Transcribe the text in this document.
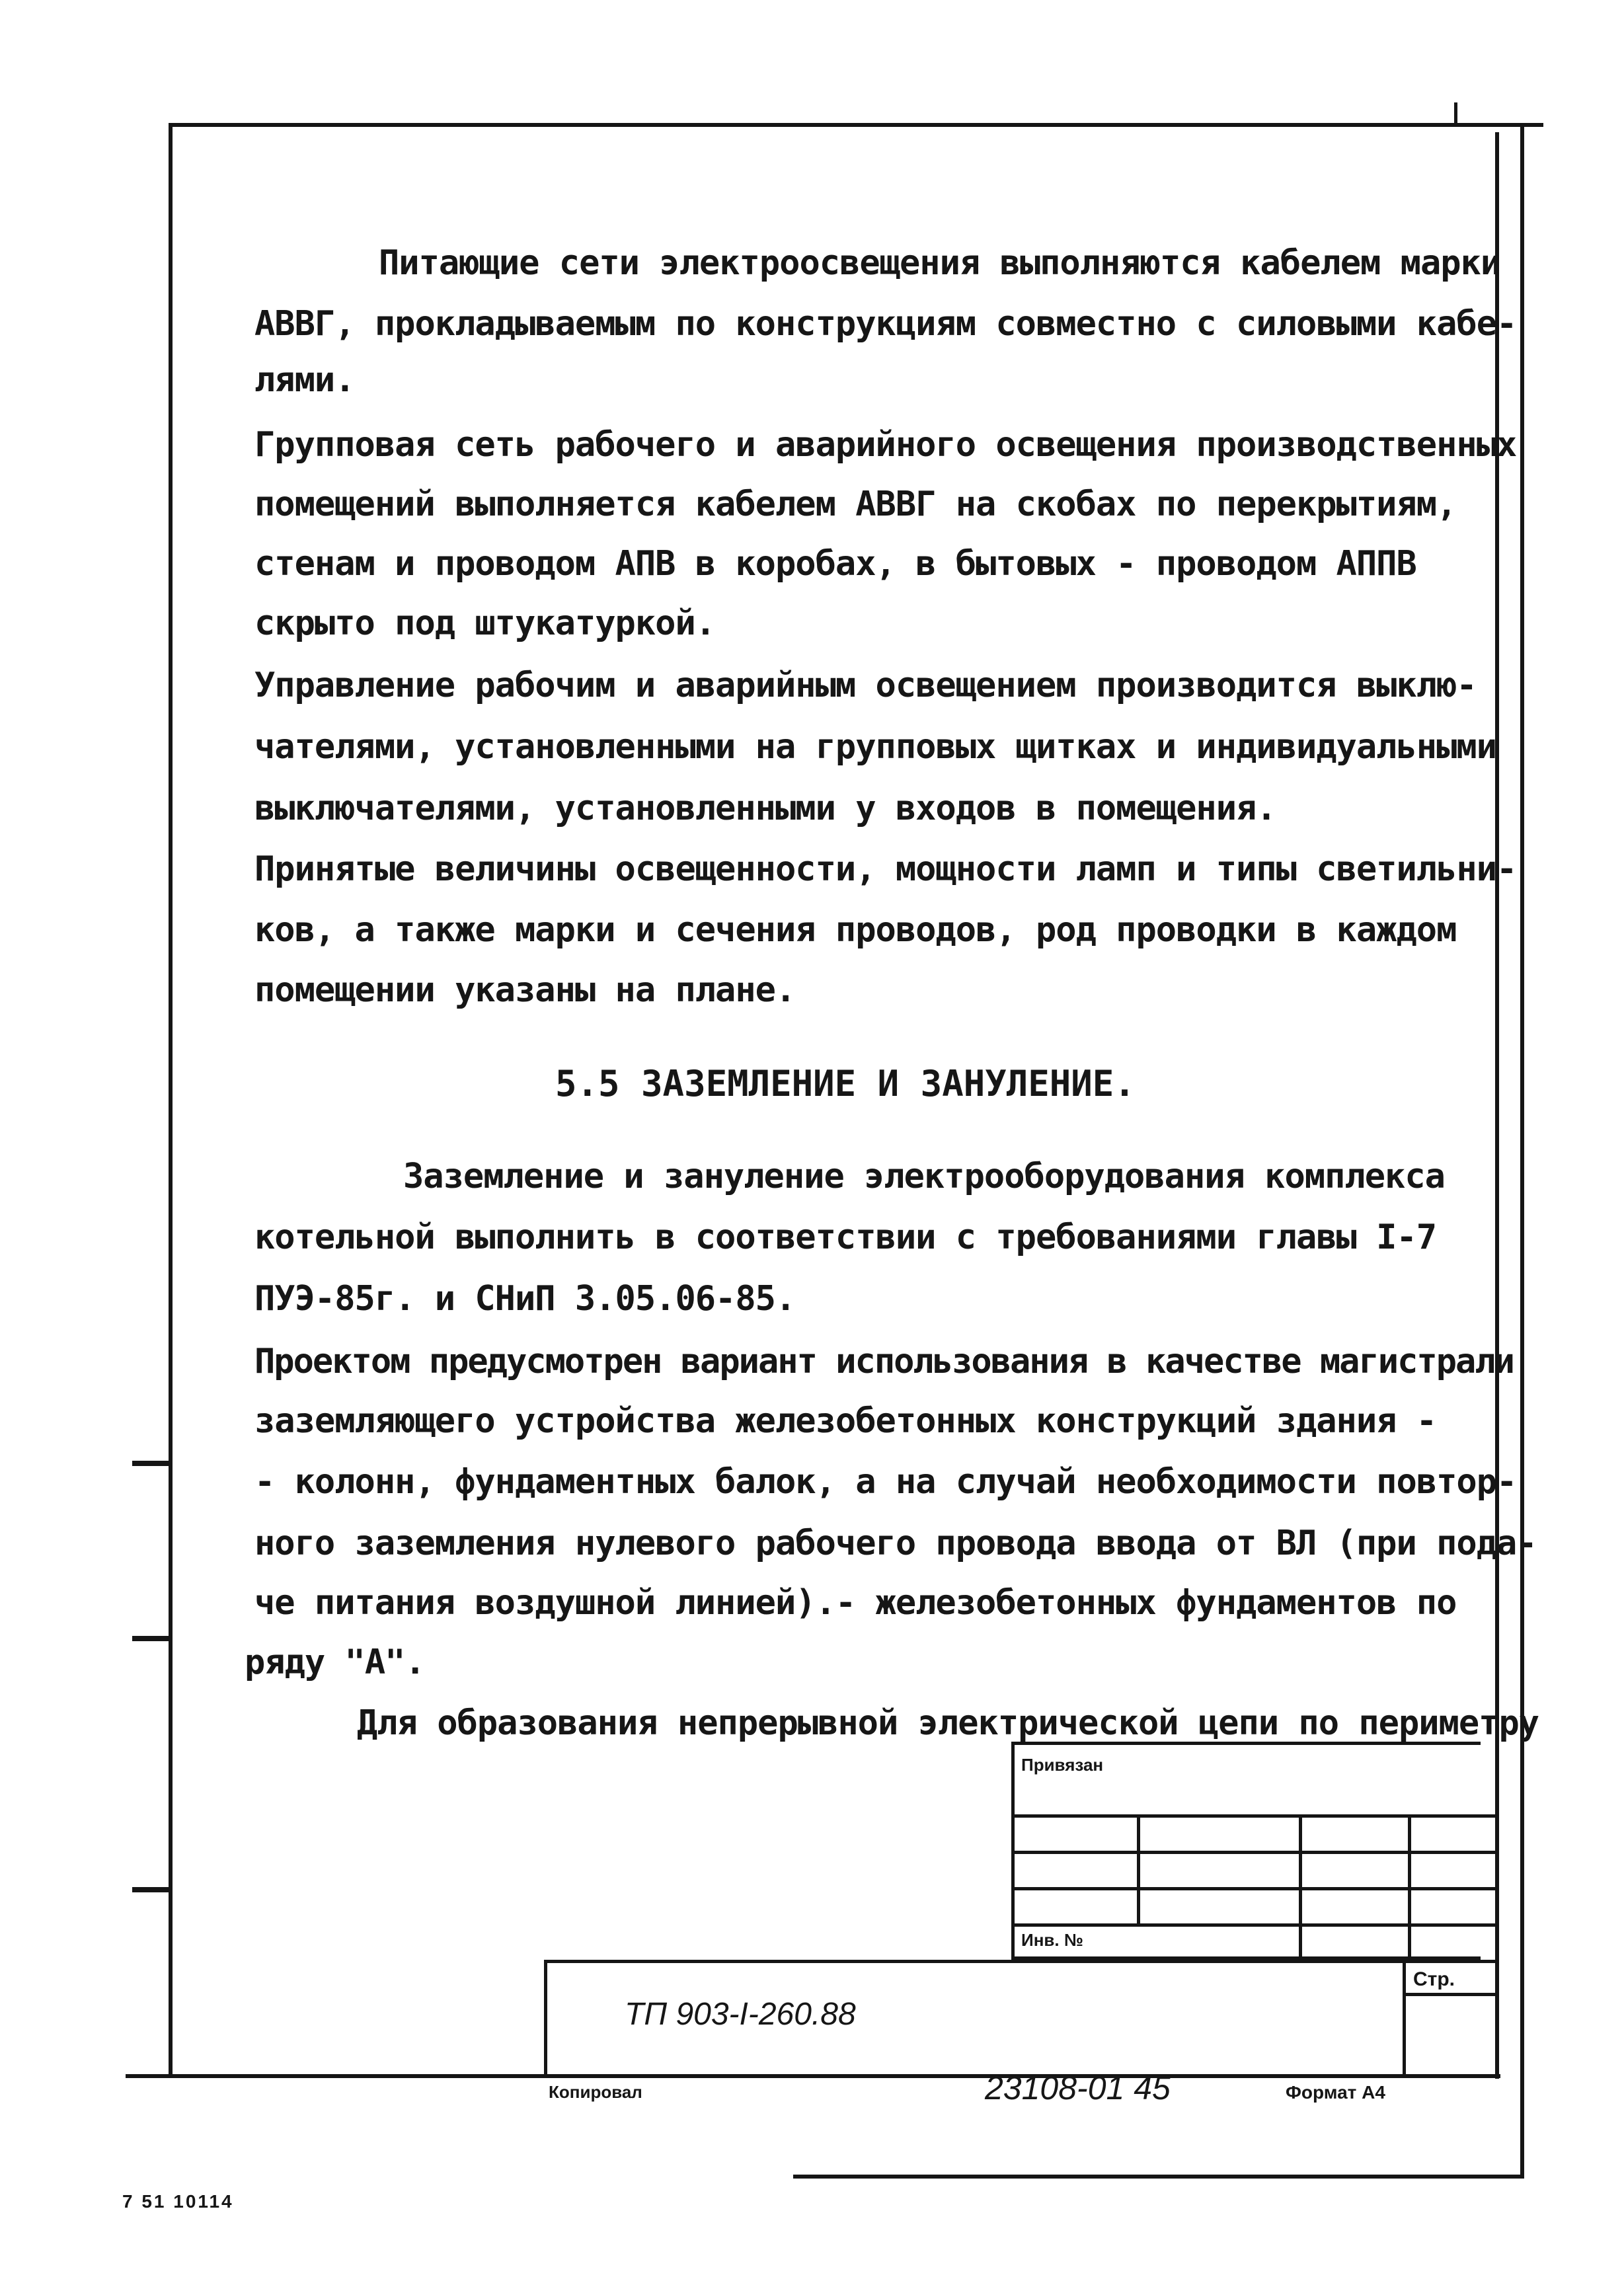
Питающие сети электроосвещения выполняются кабелем марки
АВВГ, прокладываемым по конструкциям совместно с силовыми кабе-
лями.
Групповая сеть рабочего и аварийного освещения производственных
помещений выполняется кабелем АВВГ на скобах по перекрытиям,
стенам и проводом АПВ в коробах, в бытовых - проводом АППВ
скрыто под штукатуркой.
Управление рабочим и аварийным освещением производится выклю-
чателями, установленными на групповых щитках и индивидуальными
выключателями, установленными у входов в помещения.
Принятые величины освещенности, мощности ламп и типы светильни-
ков, а также марки и сечения проводов, род проводки в каждом
помещении указаны на плане.
5.5 ЗАЗЕМЛЕНИЕ И ЗАНУЛЕНИЕ.
Заземление и зануление электрооборудования комплекса
котельной выполнить в соответствии с требованиями главы I-7
ПУЭ-85г. и СНиП 3.05.06-85.
Проектом предусмотрен вариант использования в качестве магистрали
заземляющего устройства железобетонных конструкций здания -
- колонн, фундаментных балок, а на случай необходимости повтор-
ного заземления нулевого рабочего провода ввода от ВЛ (при пода-
че питания воздушной линией).- железобетонных фундаментов по
ряду "А".
Для образования непрерывной электрической цепи по периметру
Привязан
Инв. №
Стр.
ТП 903-I-260.88
Копировал	23108-01 45	Формат А4
7 51 10114
